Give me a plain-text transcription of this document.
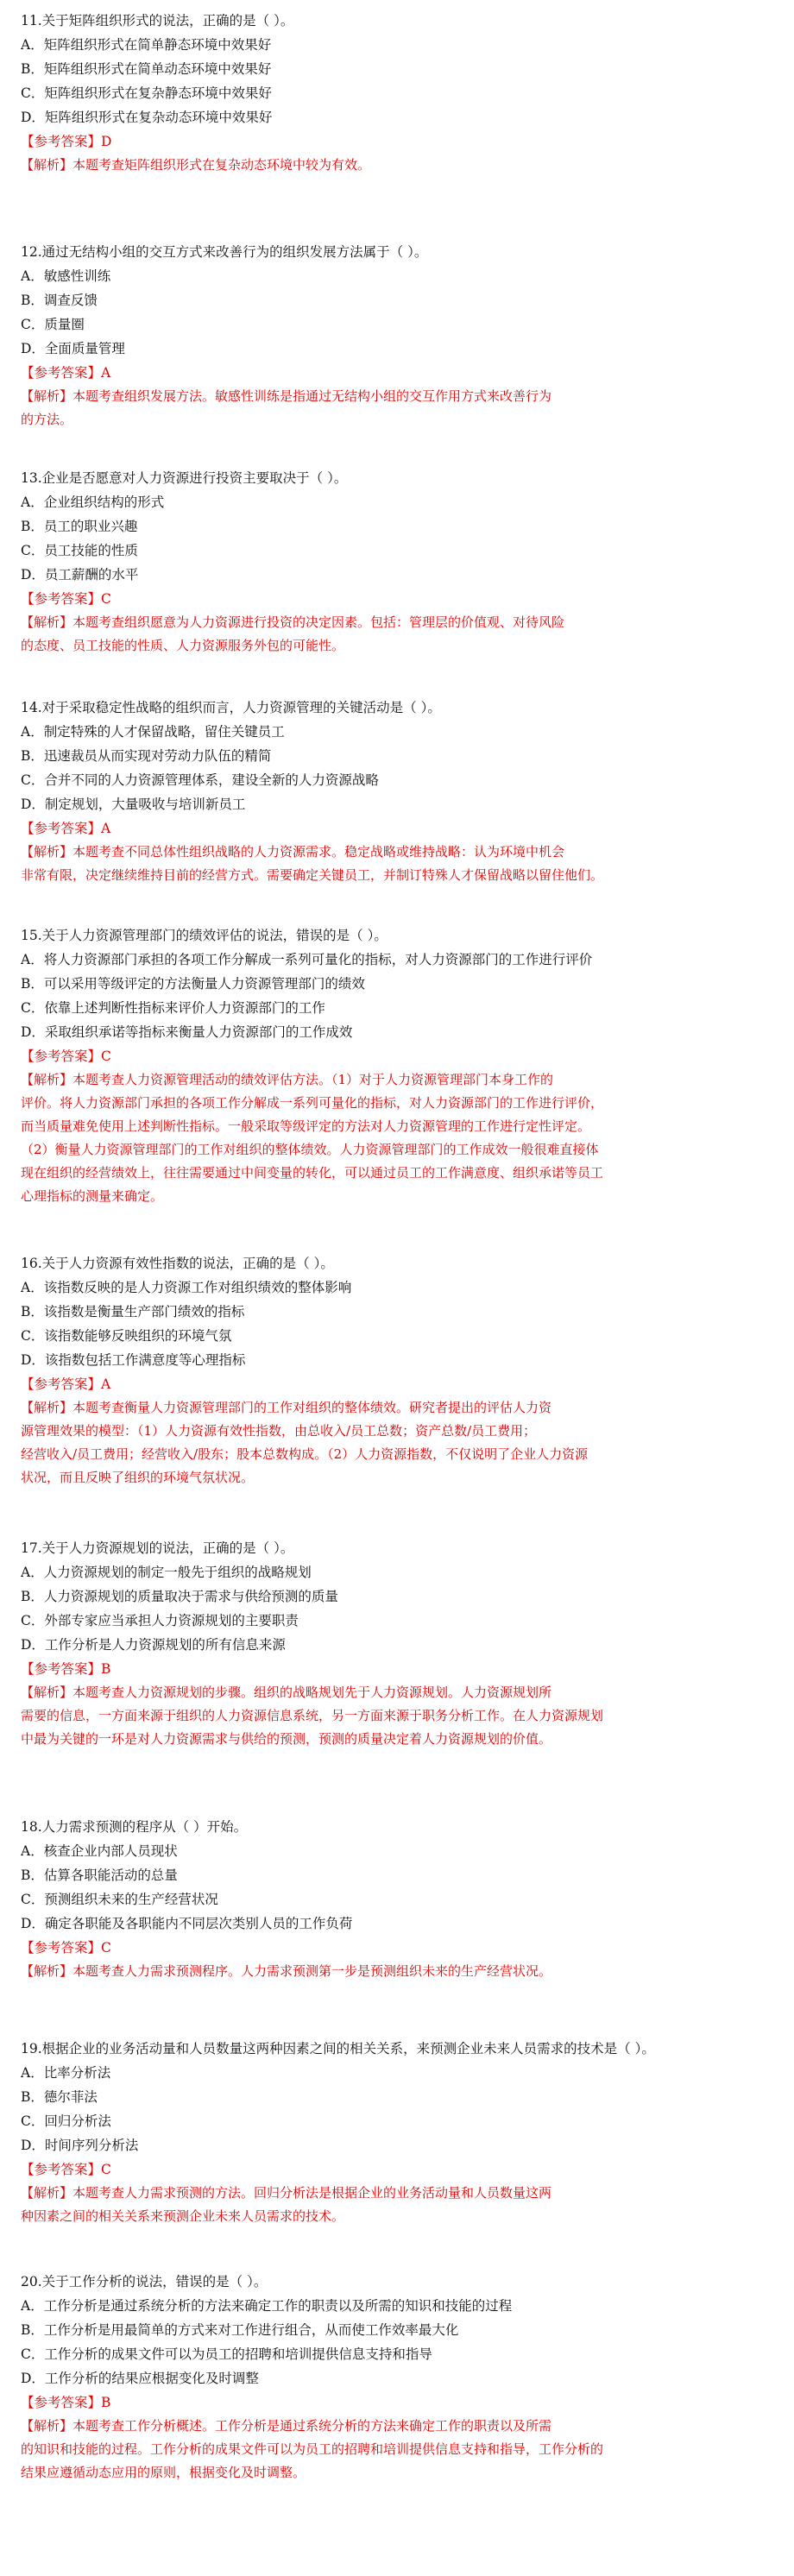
11.关于矩阵组织形式的说法，正确的是（ ）。
A．矩阵组织形式在简单静态环境中效果好
B．矩阵组织形式在简单动态环境中效果好
C．矩阵组织形式在复杂静态环境中效果好
D．矩阵组织形式在复杂动态环境中效果好
【参考答案】D
【解析】本题考查矩阵组织形式在复杂动态环境中较为有效。
12.通过无结构小组的交互方式来改善行为的组织发展方法属于（ ）。
A．敏感性训练
B．调查反馈
C．质量圈
D．全面质量管理
【参考答案】A
【解析】本题考查组织发展方法。敏感性训练是指通过无结构小组的交互作用方式来改善行为
的方法。
13.企业是否愿意对人力资源进行投资主要取决于（ ）。
A．企业组织结构的形式
B．员工的职业兴趣
C．员工技能的性质
D．员工薪酬的水平
【参考答案】C
【解析】本题考查组织愿意为人力资源进行投资的决定因素。包括：管理层的价值观、对待风险
的态度、员工技能的性质、人力资源服务外包的可能性。
14.对于采取稳定性战略的组织而言，人力资源管理的关键活动是（ ）。
A．制定特殊的人才保留战略，留住关键员工
B．迅速裁员从而实现对劳动力队伍的精简
C．合并不同的人力资源管理体系，建设全新的人力资源战略
D．制定规划，大量吸收与培训新员工
【参考答案】A
【解析】本题考查不同总体性组织战略的人力资源需求。稳定战略或维持战略：认为环境中机会
非常有限，决定继续维持目前的经营方式。需要确定关键员工，并制订特殊人才保留战略以留住他们。
15.关于人力资源管理部门的绩效评估的说法，错误的是（ ）。
A．将人力资源部门承担的各项工作分解成一系列可量化的指标，对人力资源部门的工作进行评价
B．可以采用等级评定的方法衡量人力资源管理部门的绩效
C．依靠上述判断性指标来评价人力资源部门的工作
D．采取组织承诺等指标来衡量人力资源部门的工作成效
【参考答案】C
【解析】本题考查人力资源管理活动的绩效评估方法。（1）对于人力资源管理部门本身工作的
评价。将人力资源部门承担的各项工作分解成一系列可量化的指标，对人力资源部门的工作进行评价，
而当质量难免使用上述判断性指标。一般采取等级评定的方法对人力资源管理的工作进行定性评定。
（2）衡量人力资源管理部门的工作对组织的整体绩效。人力资源管理部门的工作成效一般很难直接体
现在组织的经营绩效上，往往需要通过中间变量的转化，可以通过员工的工作满意度、组织承诺等员工
心理指标的测量来确定。
16.关于人力资源有效性指数的说法，正确的是（ ）。
A．该指数反映的是人力资源工作对组织绩效的整体影响
B．该指数是衡量生产部门绩效的指标
C．该指数能够反映组织的环境气氛
D．该指数包括工作满意度等心理指标
【参考答案】A
【解析】本题考查衡量人力资源管理部门的工作对组织的整体绩效。研究者提出的评估人力资
源管理效果的模型：（1）人力资源有效性指数，由总收入/员工总数；资产总数/员工费用；
经营收入/员工费用；经营收入/股东；股本总数构成。（2）人力资源指数，不仅说明了企业人力资源
状况，而且反映了组织的环境气氛状况。
17.关于人力资源规划的说法，正确的是（ ）。
A．人力资源规划的制定一般先于组织的战略规划
B．人力资源规划的质量取决于需求与供给预测的质量
C．外部专家应当承担人力资源规划的主要职责
D．工作分析是人力资源规划的所有信息来源
【参考答案】B
【解析】本题考查人力资源规划的步骤。组织的战略规划先于人力资源规划。人力资源规划所
需要的信息，一方面来源于组织的人力资源信息系统，另一方面来源于职务分析工作。在人力资源规划
中最为关键的一环是对人力资源需求与供给的预测，预测的质量决定着人力资源规划的价值。
18.人力需求预测的程序从（ ）开始。
A．核查企业内部人员现状
B．估算各职能活动的总量
C．预测组织未来的生产经营状况
D．确定各职能及各职能内不同层次类别人员的工作负荷
【参考答案】C
【解析】本题考查人力需求预测程序。人力需求预测第一步是预测组织未来的生产经营状况。
19.根据企业的业务活动量和人员数量这两种因素之间的相关关系，来预测企业未来人员需求的技术是（ ）。
A．比率分析法
B．德尔菲法
C．回归分析法
D．时间序列分析法
【参考答案】C
【解析】本题考查人力需求预测的方法。回归分析法是根据企业的业务活动量和人员数量这两
种因素之间的相关关系来预测企业未来人员需求的技术。
20.关于工作分析的说法，错误的是（ ）。
A．工作分析是通过系统分析的方法来确定工作的职责以及所需的知识和技能的过程
B．工作分析是用最简单的方式来对工作进行组合，从而使工作效率最大化
C．工作分析的成果文件可以为员工的招聘和培训提供信息支持和指导
D．工作分析的结果应根据变化及时调整
【参考答案】B
【解析】本题考查工作分析概述。工作分析是通过系统分析的方法来确定工作的职责以及所需
的知识和技能的过程。工作分析的成果文件可以为员工的招聘和培训提供信息支持和指导，工作分析的
结果应遵循动态应用的原则，根据变化及时调整。
